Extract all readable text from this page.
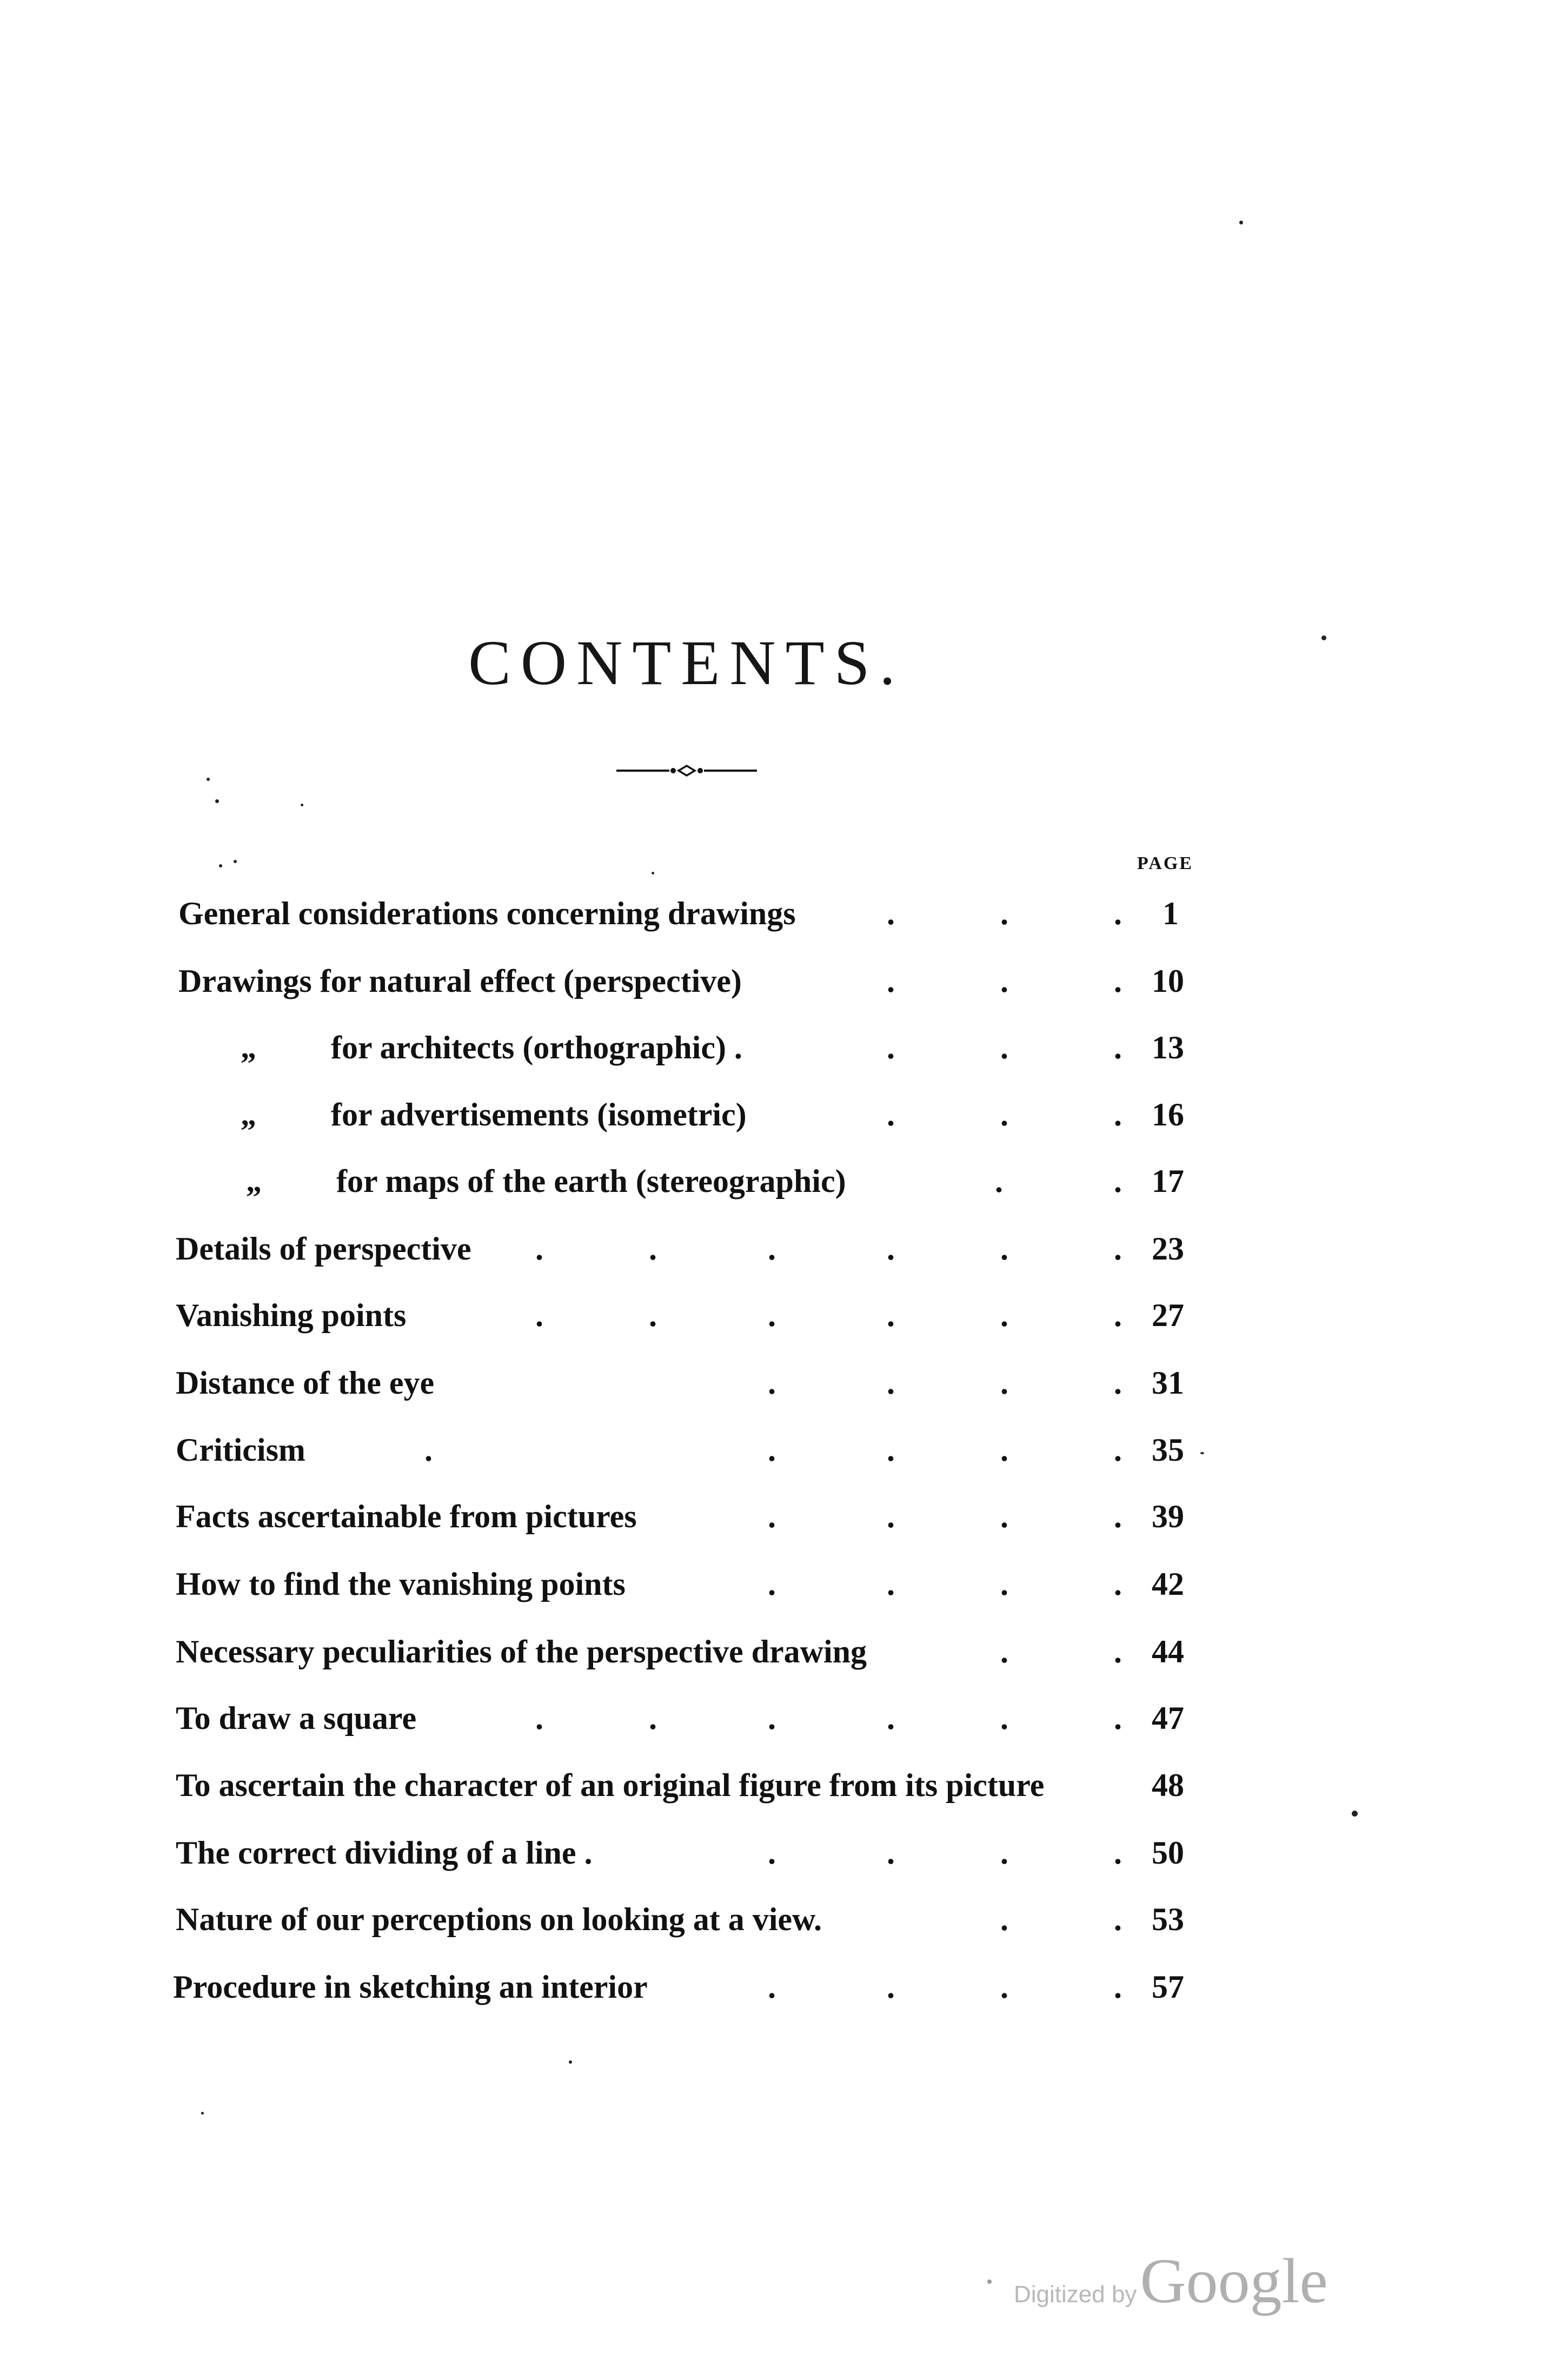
CONTENTS.
PAGE
General considerations concerning drawings	.	.	. 1
Drawings for natural effect (perspective)	.	.	. 10
„ for architects (orthographic) .	.	.	. 13
„ for advertisements (isometric)	.	.	. 16
„ for maps of the earth (stereographic)	.	. 17
Details of perspective .	.	.	.	.	. 23
Vanishing points	.	.	.	.	.	. 27
Distance of the eye	.	.	.	. 31
Criticism	.	.	.	.	. 35
Facts ascertainable from pictures	.	.	.	. 39
How to find the vanishing points	.	.	.	. 42
Necessary peculiarities of the perspective drawing	.	. 44
To draw a square	.	.	.	.	.	. 47
To ascertain the character of an original figure from its picture	48
The correct dividing of a line .	.	.	.	. 50
Nature of our perceptions on looking at a view.	.	. 53
Procedure in sketching an interior	.	.	.	. 57
Digitized byGoogle
